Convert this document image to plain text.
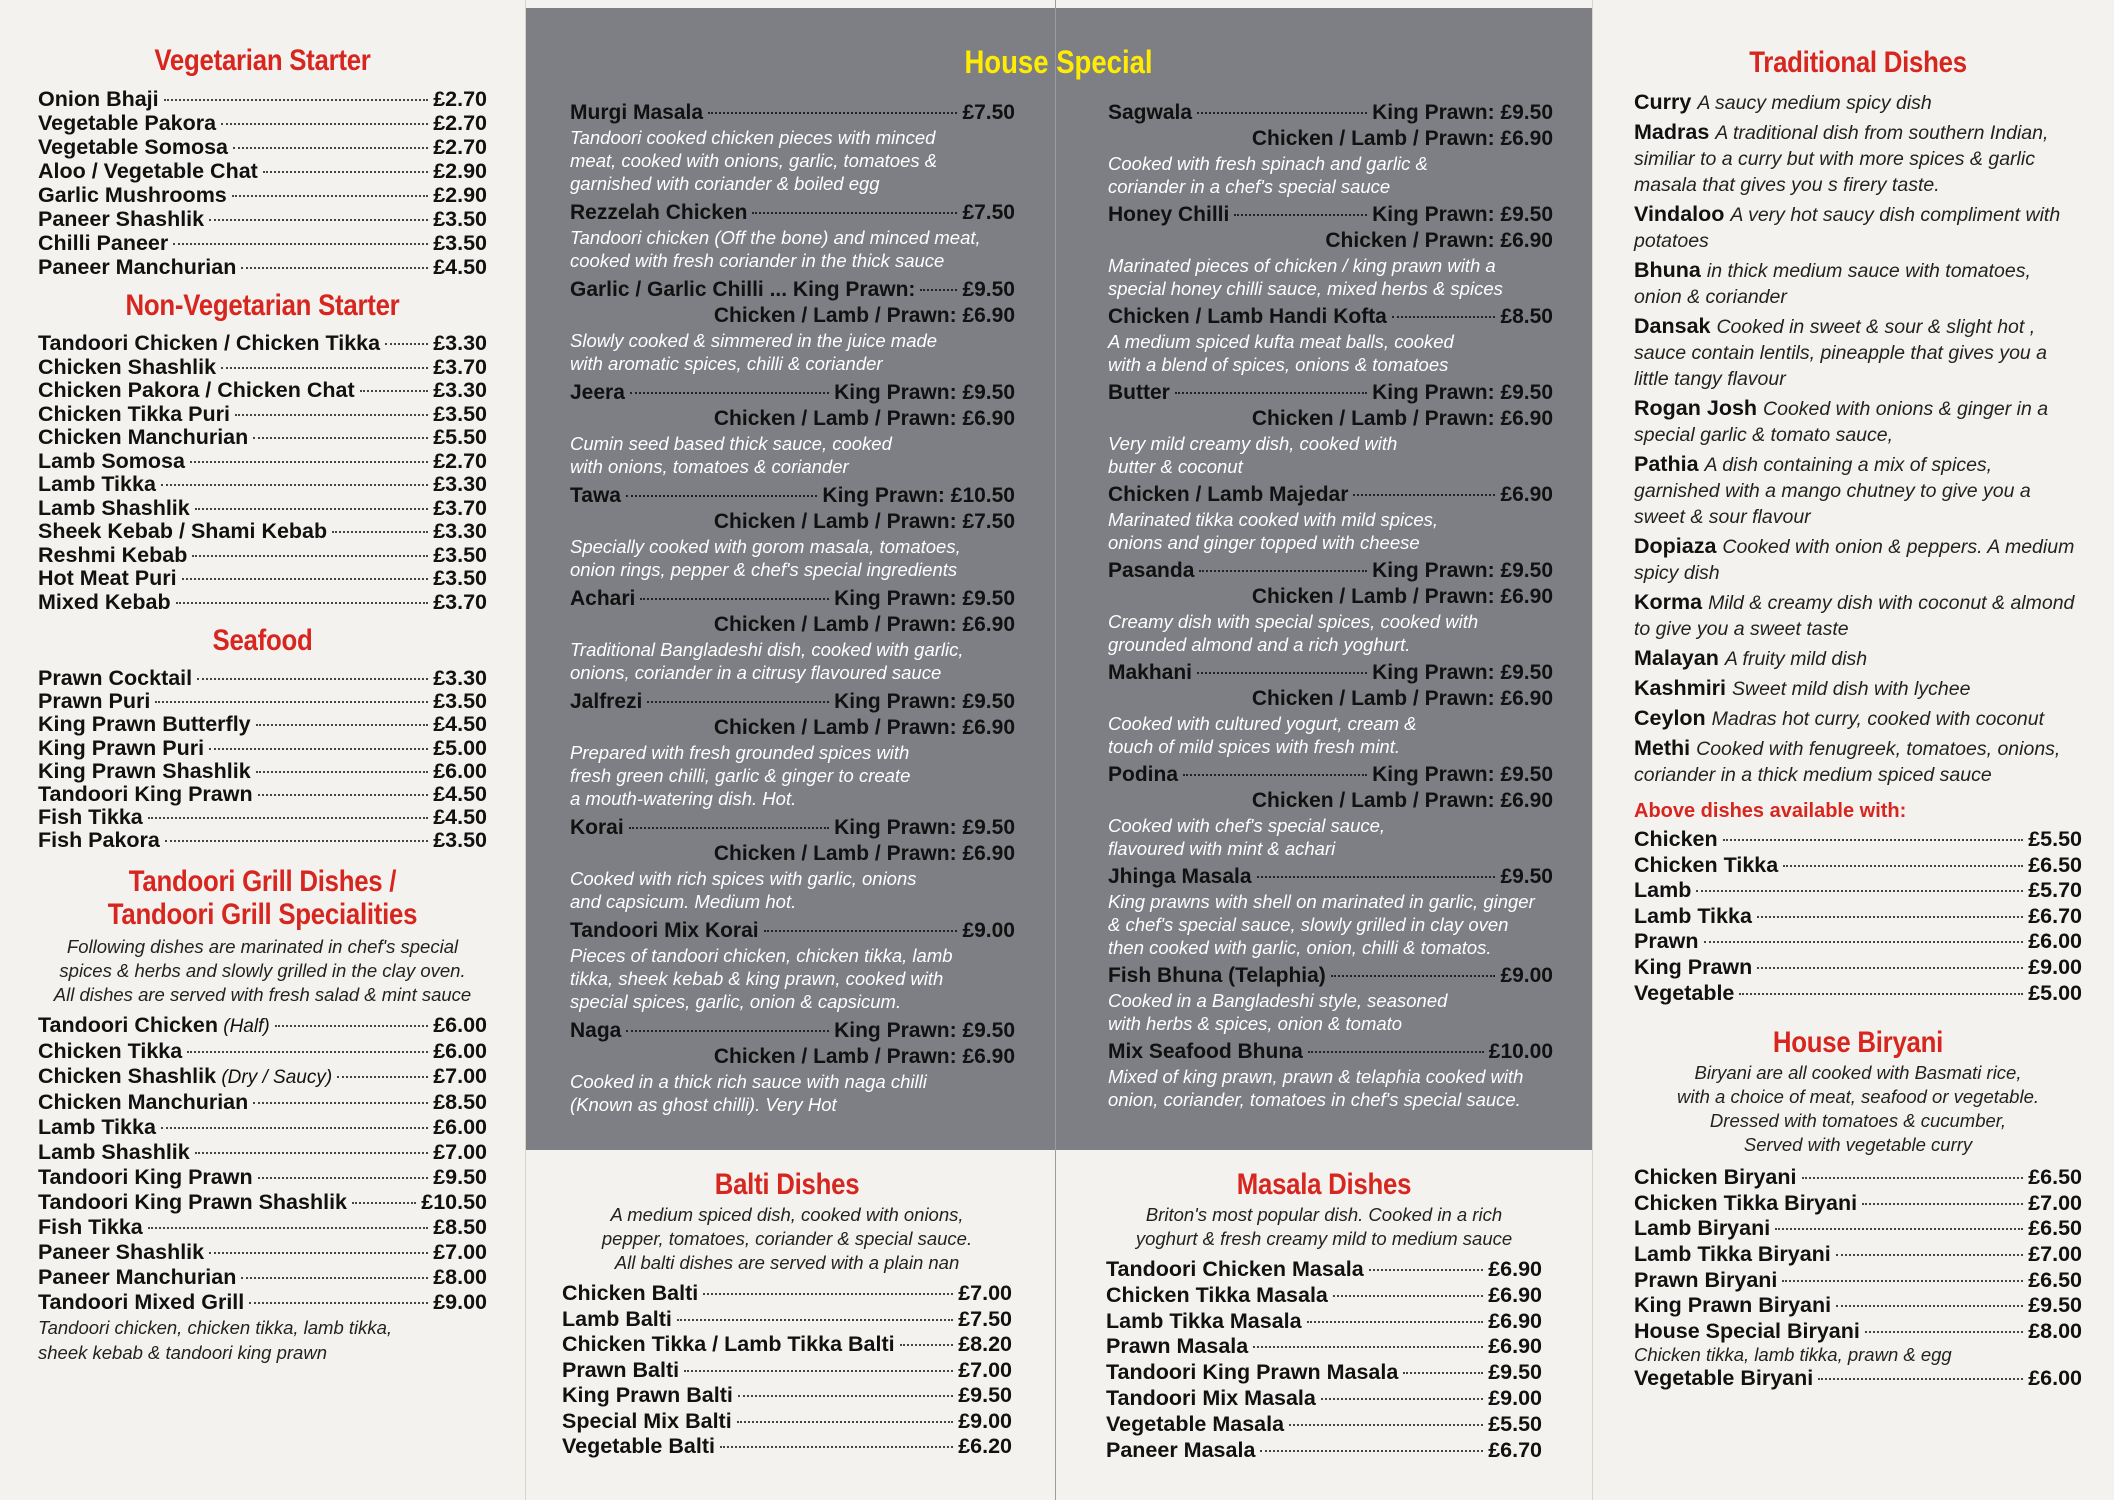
Vegetarian Starter
Onion Bhaji	£2.70
Vegetable Pakora	£2.70
Vegetable Somosa	£2.70
Aloo / Vegetable Chat	£2.90
Garlic Mushrooms	£2.90
Paneer Shashlik	£3.50
Chilli Paneer	£3.50
Paneer Manchurian	£4.50
Non-Vegetarian Starter
Tandoori Chicken / Chicken Tikka £3.30
Chicken Shashlik	£3.70
Chicken Pakora / Chicken Chat	£3.30
Chicken Tikka Puri	£3.50
Chicken Manchurian	£5.50
Lamb Somosa	£2.70
Lamb Tikka	£3.30
Lamb Shashlik	£3.70
Sheek Kebab / Shami Kebab	£3.30
Reshmi Kebab	£3.50
Hot Meat Puri	£3.50
Mixed Kebab	£3.70
Seafood
Prawn Cocktail	£3.30
Prawn Puri	£3.50
King Prawn Butterfly	£4.50
King Prawn Puri	£5.00
King Prawn Shashlik	£6.00
Tandoori King Prawn	£4.50
Fish Tikka	£4.50
Fish Pakora	£3.50
Tandoori Grill Dishes /
Tandoori Grill Specialities
Following dishes are marinated in chef's special
spices & herbs and slowly grilled in the clay oven.
All dishes are served with fresh salad & mint sauce
Tandoori Chicken (Half)	£6.00
Chicken Tikka	£6.00
Chicken Shashlik (Dry / Saucy)	£7.00
Chicken Manchurian	£8.50
Lamb Tikka	£6.00
Lamb Shashlik	£7.00
Tandoori King Prawn	£9.50
Tandoori King Prawn Shashlik	£10.50
Fish Tikka	£8.50
Paneer Shashlik	£7.00
Paneer Manchurian	£8.00
Tandoori Mixed Grill	£9.00
Tandoori chicken, chicken tikka, lamb tikka,
sheek kebab & tandoori king prawn
House Special
Murgi Masala	£7.50
Tandoori cooked chicken pieces with minced
meat, cooked with onions, garlic, tomatoes &
garnished with coriander & boiled egg
Rezzelah Chicken	£7.50
Tandoori chicken (Off the bone) and minced meat,
cooked with fresh coriander in the thick sauce
Garlic / Garlic Chilli ... King Prawn: £9.50
Chicken / Lamb / Prawn: £6.90
Slowly cooked & simmered in the juice made
with aromatic spices, chilli & coriander
Jeera	King Prawn: £9.50
Chicken / Lamb / Prawn: £6.90
Cumin seed based thick sauce, cooked
with onions, tomatoes & coriander
Tawa	King Prawn: £10.50
Chicken / Lamb / Prawn: £7.50
Specially cooked with gorom masala, tomatoes,
onion rings, pepper & chef's special ingredients
Achari	King Prawn: £9.50
Chicken / Lamb / Prawn: £6.90
Traditional Bangladeshi dish, cooked with garlic,
onions, coriander in a citrusy flavoured sauce
Jalfrezi	King Prawn: £9.50
Chicken / Lamb / Prawn: £6.90
Prepared with fresh grounded spices with
fresh green chilli, garlic & ginger to create
a mouth-watering dish. Hot.
Korai	King Prawn: £9.50
Chicken / Lamb / Prawn: £6.90
Cooked with rich spices with garlic, onions
and capsicum. Medium hot.
Tandoori Mix Korai	£9.00
Pieces of tandoori chicken, chicken tikka, lamb
tikka, sheek kebab & king prawn, cooked with
special spices, garlic, onion & capsicum.
Naga	King Prawn: £9.50
Chicken / Lamb / Prawn: £6.90
Cooked in a thick rich sauce with naga chilli
(Known as ghost chilli). Very Hot
Sagwala	King Prawn: £9.50
Chicken / Lamb / Prawn: £6.90
Cooked with fresh spinach and garlic &
coriander in a chef's special sauce
Honey Chilli	King Prawn: £9.50
Chicken / Prawn: £6.90
Marinated pieces of chicken / king prawn with a
special honey chilli sauce, mixed herbs & spices
Chicken / Lamb Handi Kofta	£8.50
A medium spiced kufta meat balls, cooked
with a blend of spices, onions & tomatoes
Butter	King Prawn: £9.50
Chicken / Lamb / Prawn: £6.90
Very mild creamy dish, cooked with
butter & coconut
Chicken / Lamb Majedar	£6.90
Marinated tikka cooked with mild spices,
onions and ginger topped with cheese
Pasanda	King Prawn: £9.50
Chicken / Lamb / Prawn: £6.90
Creamy dish with special spices, cooked with
grounded almond and a rich yoghurt.
Makhani	King Prawn: £9.50
Chicken / Lamb / Prawn: £6.90
Cooked with cultured yogurt, cream &
touch of mild spices with fresh mint.
Podina	King Prawn: £9.50
Chicken / Lamb / Prawn: £6.90
Cooked with chef's special sauce,
flavoured with mint & achari
Jhinga Masala	£9.50
King prawns with shell on marinated in garlic, ginger
& chef's special sauce, slowly grilled in clay oven
then cooked with garlic, onion, chilli & tomatos.
Fish Bhuna (Telaphia)	£9.00
Cooked in a Bangladeshi style, seasoned
with herbs & spices, onion & tomato
Mix Seafood Bhuna	£10.00
Mixed of king prawn, prawn & telaphia cooked with
onion, coriander, tomatoes in chef's special sauce.
Balti Dishes
A medium spiced dish, cooked with onions,
pepper, tomatoes, coriander & special sauce.
All balti dishes are served with a plain nan
Chicken Balti	£7.00
Lamb Balti	£7.50
Chicken Tikka / Lamb Tikka Balti	£8.20
Prawn Balti	£7.00
King Prawn Balti	£9.50
Special Mix Balti	£9.00
Vegetable Balti	£6.20
Masala Dishes
Briton's most popular dish. Cooked in a rich
yoghurt & fresh creamy mild to medium sauce
Tandoori Chicken Masala	£6.90
Chicken Tikka Masala	£6.90
Lamb Tikka Masala	£6.90
Prawn Masala	£6.90
Tandoori King Prawn Masala	£9.50
Tandoori Mix Masala	£9.00
Vegetable Masala	£5.50
Paneer Masala	£6.70
Traditional Dishes
Curry A saucy medium spicy dish
Madras A traditional dish from southern Indian, similiar to a curry but with more spices & garlic masala that gives you s firery taste.
Vindaloo A very hot saucy dish compliment with potatoes
Bhuna in thick medium sauce with tomatoes, onion & coriander
Dansak Cooked in sweet & sour & slight hot , sauce contain lentils, pineapple that gives you a little tangy flavour
Rogan Josh Cooked with onions & ginger in a special garlic & tomato sauce,
Pathia A dish containing a mix of spices, garnished with a mango chutney to give you a sweet & sour flavour
Dopiaza Cooked with onion & peppers. A medium spicy dish
Korma Mild & creamy dish with coconut & almond to give you a sweet taste
Malayan A fruity mild dish
Kashmiri Sweet mild dish with lychee
Ceylon Madras hot curry, cooked with coconut
Methi Cooked with fenugreek, tomatoes, onions, coriander in a thick medium spiced sauce
Above dishes available with:
Chicken	£5.50
Chicken Tikka	£6.50
Lamb	£5.70
Lamb Tikka	£6.70
Prawn	£6.00
King Prawn	£9.00
Vegetable	£5.00
House Biryani
Biryani are all cooked with Basmati rice,
with a choice of meat, seafood or vegetable.
Dressed with tomatoes & cucumber,
Served with vegetable curry
Chicken Biryani	£6.50
Chicken Tikka Biryani	£7.00
Lamb Biryani	£6.50
Lamb Tikka Biryani	£7.00
Prawn Biryani	£6.50
King Prawn Biryani	£9.50
House Special Biryani	£8.00
Chicken tikka, lamb tikka, prawn & egg
Vegetable Biryani	£6.00
